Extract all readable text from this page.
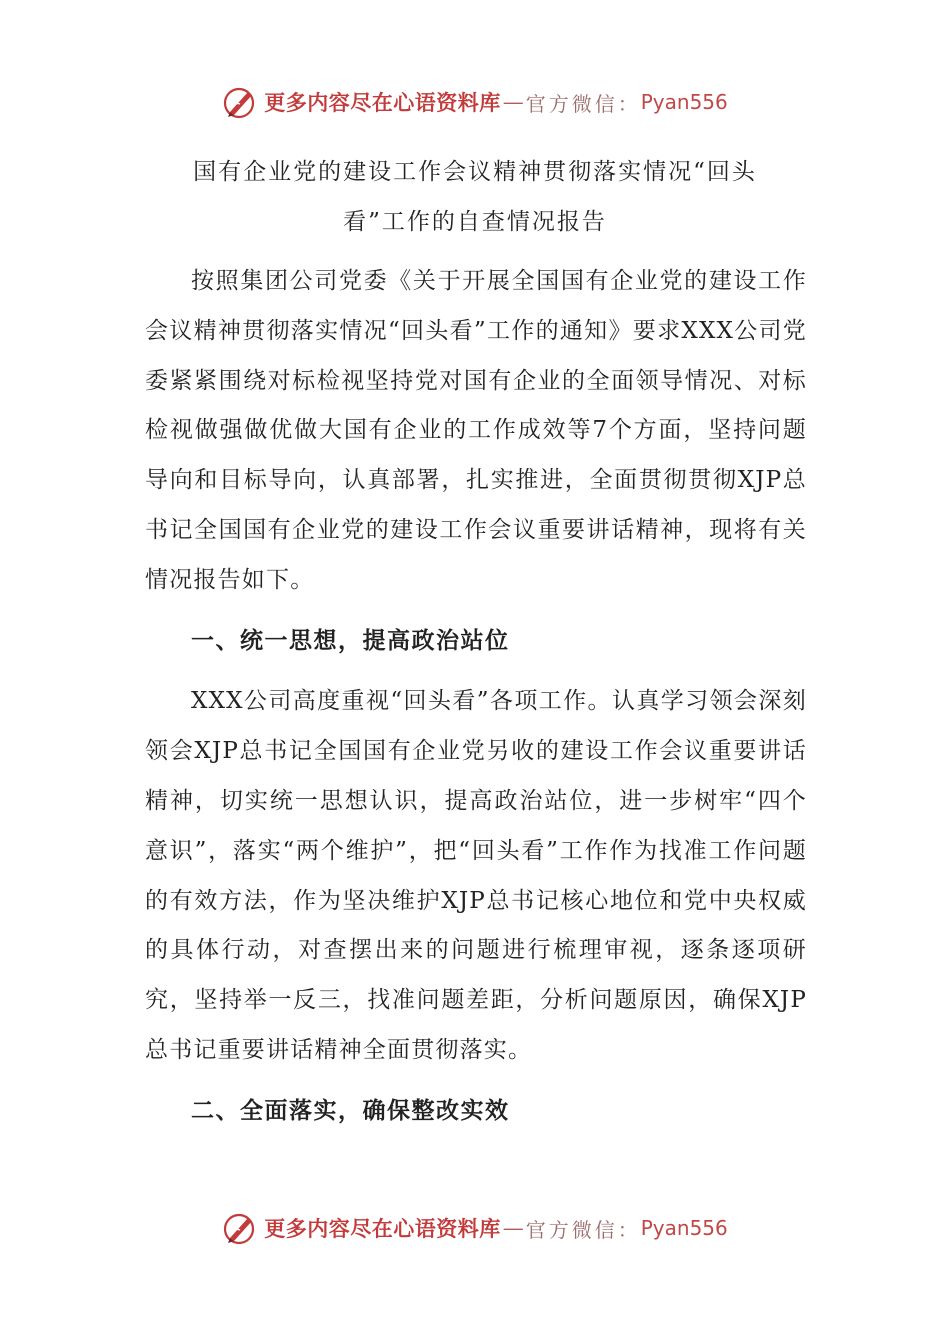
更多内容尽在心语资料库 — 官方微信： Pyan556
国有企业党的建设工作会议精神贯彻落实情况“回头
看”工作的自查情况报告

按照集团公司党委《关于开展全国国有企业党的建设工作会议精神贯彻落实情况“回头看”工作的通知》要求XXX公司党委紧紧围绕对标检视坚持党对国有企业的全面领导情况、对标检视做强做优做大国有企业的工作成效等7个方面，坚持问题导向和目标导向，认真部署，扎实推进，全面贯彻贯彻XJP总书记全国国有企业党的建设工作会议重要讲话精神，现将有关情况报告如下。

一、统一思想，提高政治站位

XXX公司高度重视“回头看”各项工作。认真学习领会深刻领会XJP总书记全国国有企业党另收的建设工作会议重要讲话精神，切实统一思想认识，提高政治站位，进一步树牢“四个意识”，落实“两个维护”，把“回头看”工作作为找准工作问题的有效方法，作为坚决维护XJP总书记核心地位和党中央权威的具体行动，对查摆出来的问题进行梳理审视，逐条逐项研究，坚持举一反三，找准问题差距，分析问题原因，确保XJP总书记重要讲话精神全面贯彻落实。

二、全面落实，确保整改实效

更多内容尽在心语资料库 — 官方微信： Pyan556
